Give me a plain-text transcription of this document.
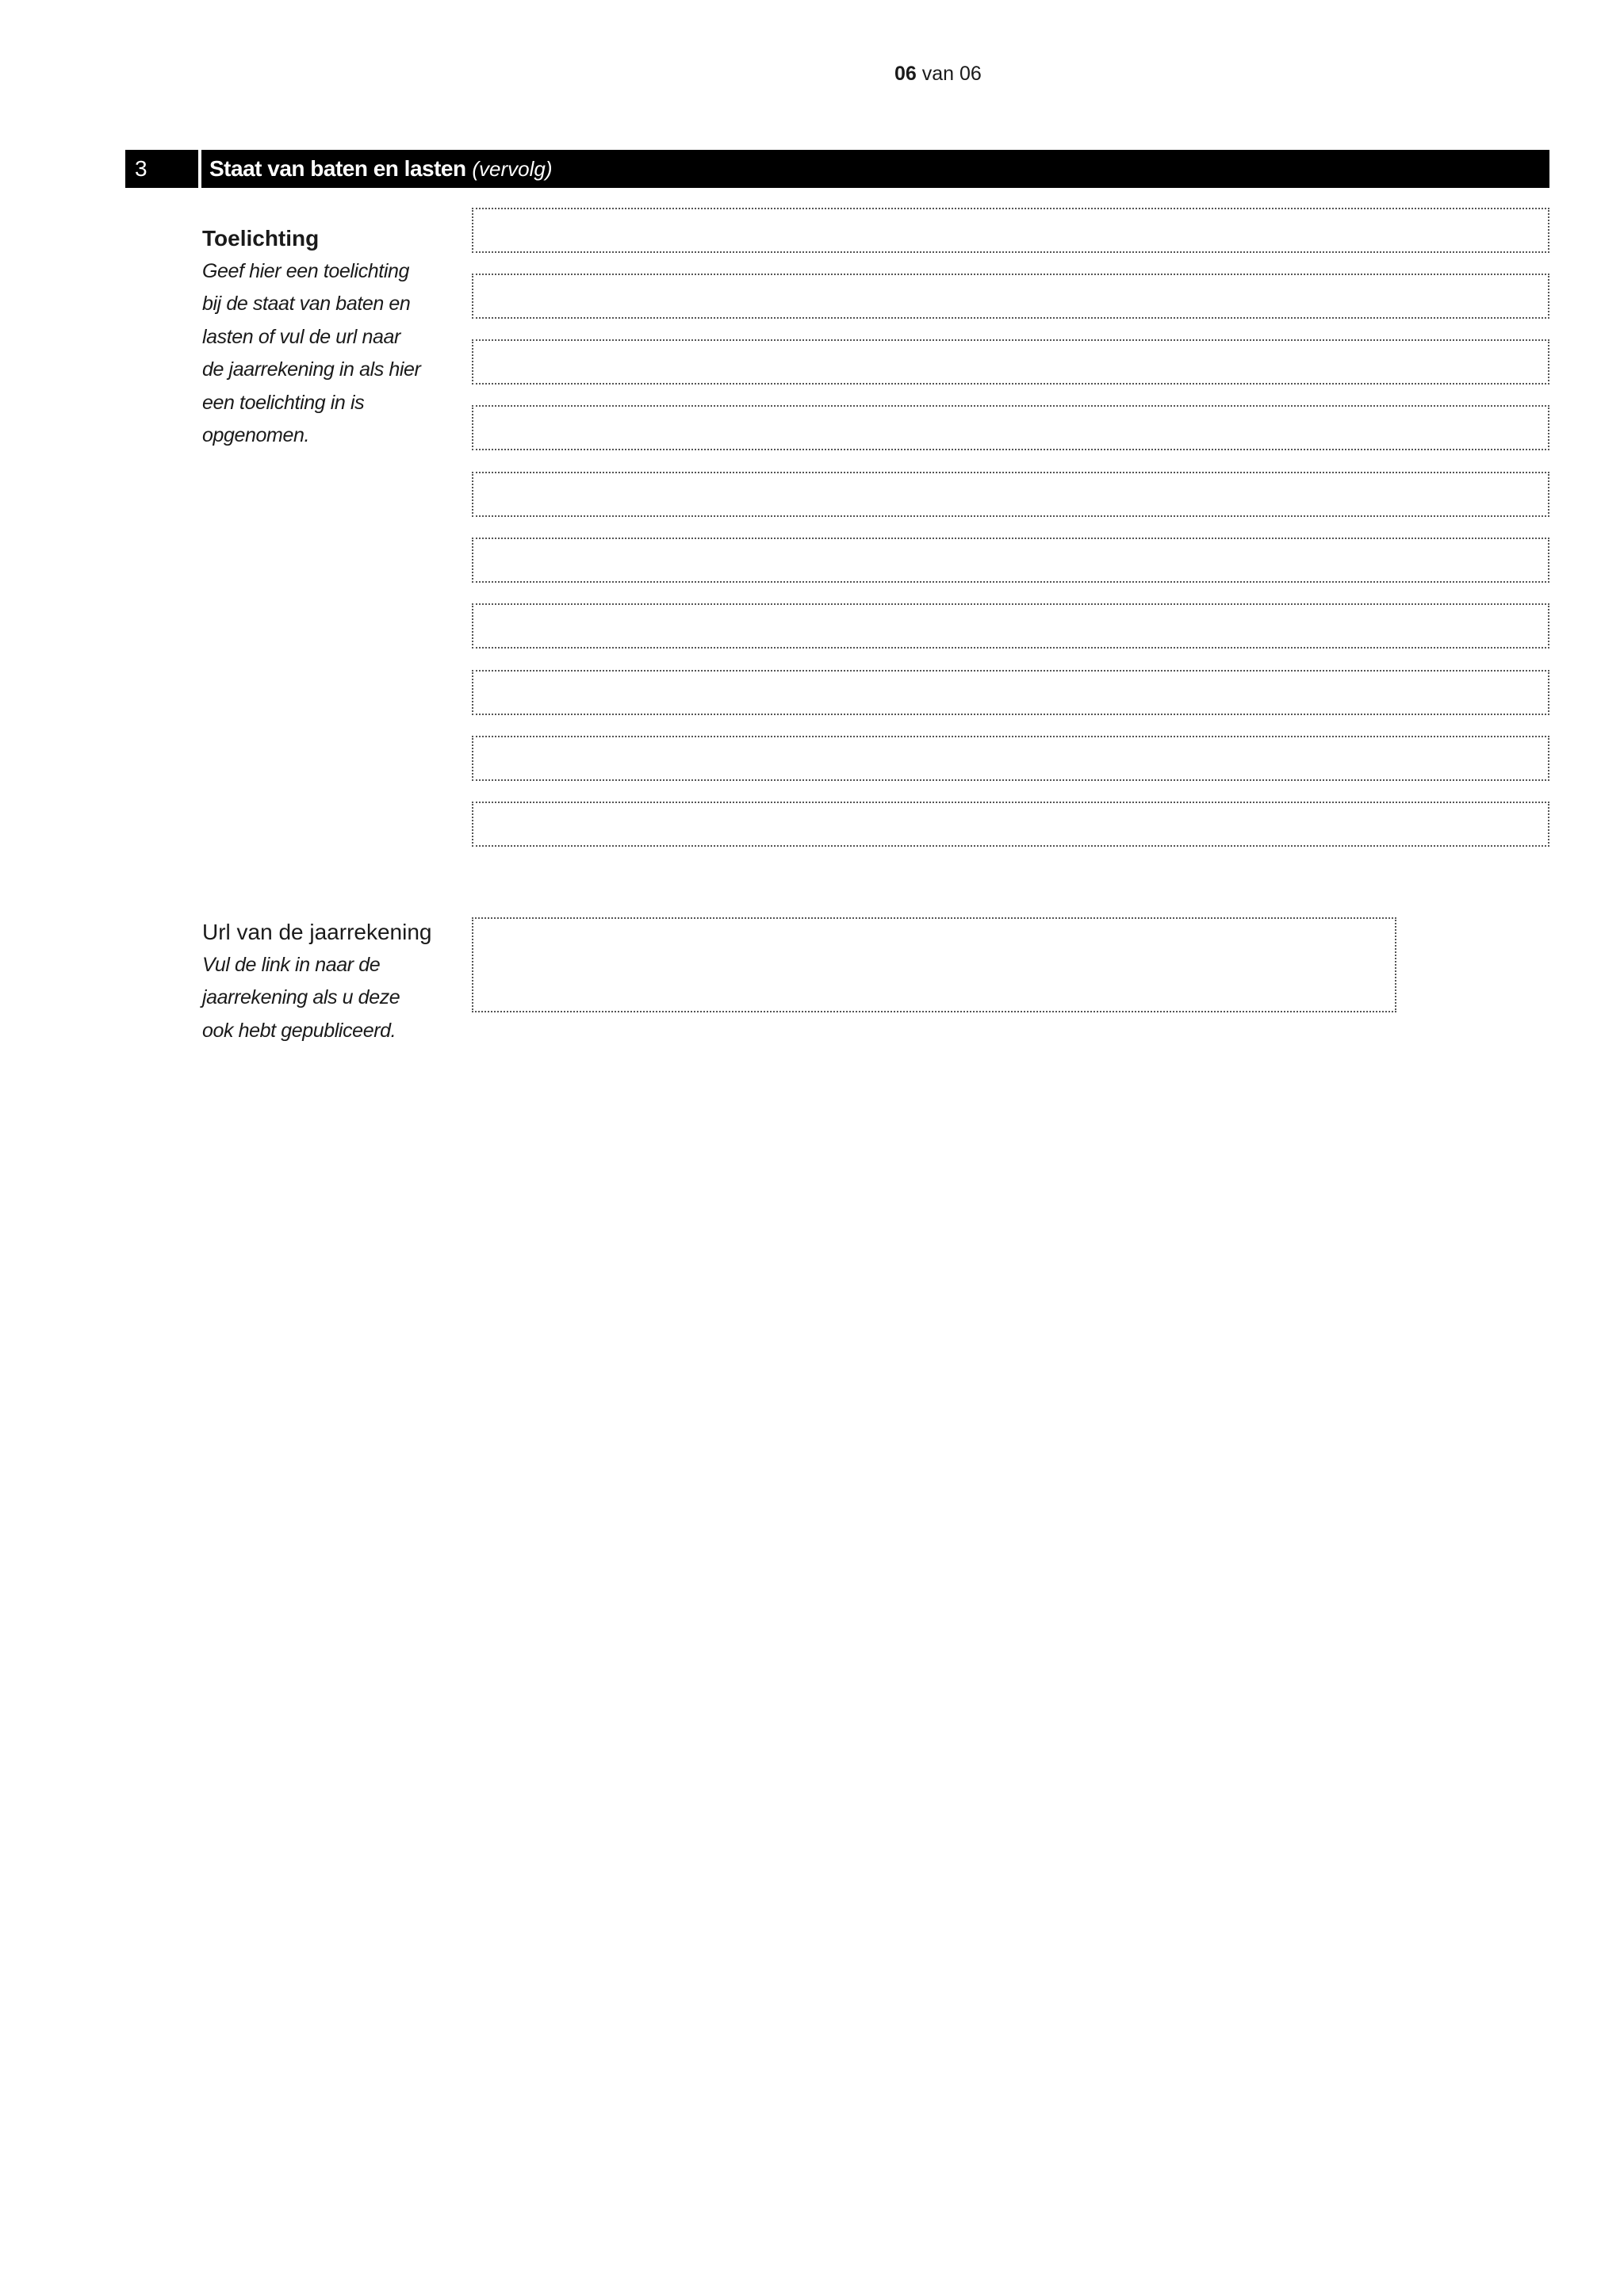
06 van 06
3	Staat van baten en lasten (vervolg)
Toelichting
Geef hier een toelichting
bij de staat van baten en
lasten of vul de url naar
de jaarrekening in als hier
een toelichting in is
opgenomen.
Url van de jaarrekening
Vul de link in naar de
jaarrekening als u deze
ook hebt gepubliceerd.
